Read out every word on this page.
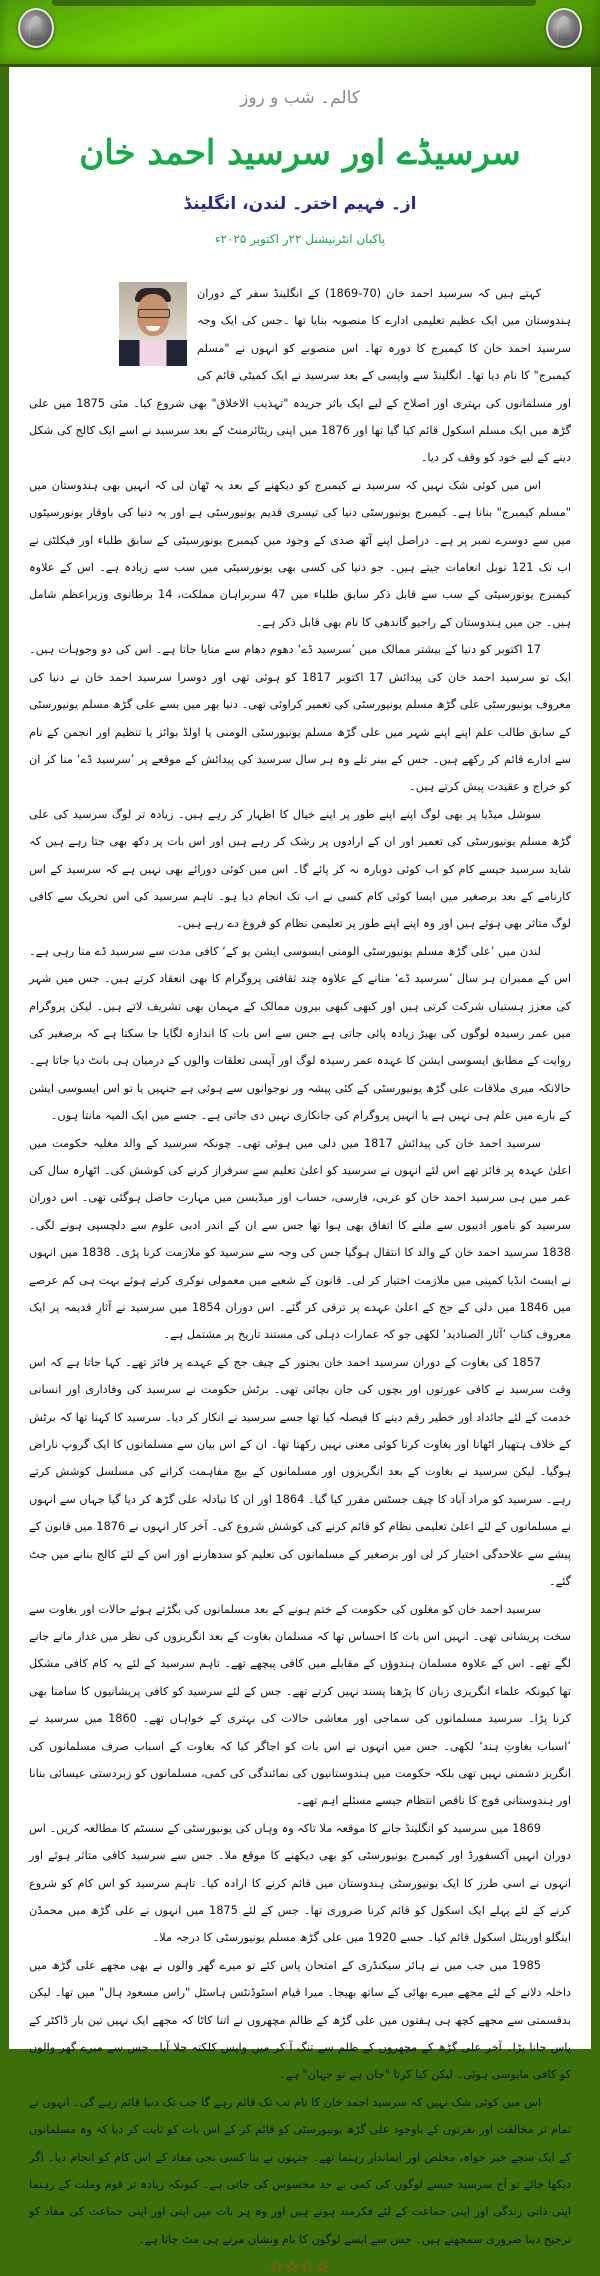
کالم۔ شب و روز
سرسیڈے اور سرسید احمد خان
از۔ فہیم اختر۔ لندن، انگلینڈ
پاکبان انٹرنیشنل ۲۲ر اکتوبر ۲۰۲۵ء

کہتے ہیں کہ سرسید احمد خان (70-1869) کے انگلینڈ سفر کے دوران ہندوستان میں ایک عظیم تعلیمی ادارے کا منصوبہ بنایا تھا ۔جس کی ایک وجہ سرسید احمد خان کا کیمبرج کا دورہ تھا۔ اس منصوبے کو انہوں نے "مسلم کیمبرج" کا نام دیا تھا۔ انگلینڈ سے واپسی کے بعد سرسید نے ایک کمیٹی قائم کی اور مسلمانوں کی بہتری اور اصلاح کے لیے ایک باثر جریدہ "تہذیب الاخلاق" بھی شروع کیا۔ مئی 1875 میں علی گڑھ میں ایک مسلم اسکول قائم کیا گیا تھا اور 1876 میں اپنی ریٹائرمنٹ کے بعد سرسید نے اسے ایک کالج کی شکل دینے کے لیے خود کو وقف کر دیا۔

اس میں کوئی شک نہیں کہ سرسید نے کیمبرج کو دیکھنے کے بعد یہ ٹھان لی کہ انہیں بھی ہندوستان میں "مسلم کیمبرج" بنانا ہے۔ کیمبرج یونیورسٹی دنیا کی تیسری قدیم یونیورسٹی ہے اور یہ دنیا کی باوقار یونورسیٹوں میں سے دوسرے نمبر پر ہے۔ دراصل اپنے آٹھ صدی کے وجود میں کیمبرج یونورسیٹی کے سابق طلباء اور فیکلٹی نے اب تک 121 نوبل انعامات جیتے ہیں۔ جو دنیا کی کسی بھی یونورسیٹی میں سب سے زیادہ ہے۔ اس کے علاوہ کیمبرج یونورسیٹی کے سب سے قابل ذکر سابق طلباء میں 47 سربراہان مملکت، 14 برطانوی وزیراعظم شامل ہیں۔ جن میں ہندوستان کے راجیو گاندھی کا نام بھی قابل ذکر ہے۔

17 اکتوبر کو دنیا کے بیشتر ممالک میں ’سرسید ڈے‘ دھوم دھام سے منایا جاتا ہے۔ اس کی دو وجوہات ہیں۔ ایک تو سرسید احمد خان کی پیدائش 17 اکتوبر 1817 کو ہوئی تھی اور دوسرا سرسید احمد خان نے دنیا کی معروف یونیورسٹی علی گڑھ مسلم یونیورسٹی کی تعمیر کراوئی تھی۔ دنیا بھر میں بسے علی گڑھ مسلم یونیورسٹی کے سابق طالب علم اپنے اپنے شہر میں علی گڑھ مسلم یونیورسٹی الومنی یا اولڈ بوائز یا تنظیم اور انجمن کے نام سے ادارے قائم کر رکھے ہیں۔ جس کے بینر تلے وہ ہر سال سرسید کی پیدائش کے موقعے پر ’سرسید ڈے‘ منا کر ان کو خراج و عقیدت پیش کرتے ہیں۔

سوشل میڈیا پر بھی لوگ اپنے اپنے طور پر اپنے خیال کا اظہار کر رہے ہیں۔ زیادہ تر لوگ سرسید کی علی گڑھ مسلم یونیورسٹی کی تعمیر اور ان کے ارادوں پر رشک کر رہے ہیں اور اس بات پر دکھ بھی جتا رہے ہیں کہ شاید سرسید جیسے کام کو اب کوئی دوبارہ نہ کر پائے گا۔ اس میں کوئی دورائے بھی نہیں ہے کہ سرسید کے اس کارنامے کے بعد برصغیر میں ایسا کوئی کام کسی نے اب تک انجام دیا ہو۔ تاہم سرسید کی اس تحریک سے کافی لوگ متاثر بھی ہوئے ہیں اور وہ اپنے اپنے طور پر تعلیمی نظام کو فروغ دے رہے ہیں۔

لندن میں ’علی گڑھ مسلم یونیورسٹی الومنی ایسوسی ایشن یو کے‘ کافی مدت سے سرسید ڈے منا رہی ہے۔ اس کے ممبران ہر سال ’سرسید ڈے‘ منانے کے علاوہ چند ثقافتی پروگرام کا بھی انعقاد کرتے ہیں۔ جس میں شہر کی معزز ہستیاں شرکت کرتی ہیں اور کبھی کبھی بیرون ممالک کے مہمان بھی تشریف لاتے ہیں۔ لیکن پروگرام میں عمر رسیدہ لوگوں کی بھیڑ زیادہ پائی جاتی ہے جس سے اس بات کا اندازہ لگایا جا سکتا ہے کہ برصغیر کی روایت کے مطابق ایسوسی ایشن کا عہدہ عمر رسیدہ لوگ اور آپسی تعلقات والوں کے درمیان ہی بانٹ دیا جاتا ہے۔ حالانکہ میری ملاقات علی گڑھ یونیورسٹی کے کئی پیشہ ور نوجوانوں سے ہوئی ہے جنہیں یا تو اس ایسوسی ایشن کے بارے میں علم ہی نہیں ہے یا انہیں پروگرام کی جانکاری نہیں دی جاتی ہے۔ جسے میں ایک المیہ مانتا ہوں۔

سرسید احمد خان کی پیدائش 1817 میں دلی میں ہوئی تھی۔ چونکہ سرسید کے والد مغلیہ حکومت میں اعلیٰ عہدہ پر فائز تھے اس لئے انہوں نے سرسید کو اعلیٰ تعلیم سے سرفراز کرنے کی کوشش کی۔ اٹھارہ سال کی عمر میں ہی سرسید احمد خان کو عربی، فارسی، حساب اور میڈیسن میں مہارت حاصل ہوگئی تھی۔ اس دوران سرسید کو نامور ادیبوں سے ملنے کا اتفاق بھی ہوا تھا جس سے ان کے اندر ادبی علوم سے دلچسپی ہونے لگی۔ 1838 سرسید احمد خان کے والد کا انتقال ہوگیا جس کی وجہ سے سرسید کو ملازمت کرنا پڑی۔ 1838 میں انہوں نے ایسٹ انڈیا کمپنی میں ملازمت اختیار کر لی۔ قانون کے شعبے میں معمولی نوکری کرتے ہوئے بہت ہی کم عرصے میں 1846 میں دلی کے جج کے اعلیٰ عہدے پر ترقی کر گئے۔ اس دوران 1854 میں سرسید نے آثارِ قدیمہ پر ایک معروف کتاب ’آثار الصنادید‘ لکھی جو کہ عمارات دہلی کی مستند تاریخ پر مشتمل ہے۔

1857 کی بغاوت کے دوران سرسید احمد خان بجنور کے چیف جج کے عہدے پر فائز تھے۔ کہا جاتا ہے کہ اس وقت سرسید نے کافی عورتوں اور بچوں کی جان بچائی تھی۔ برٹش حکومت نے سرسید کی وفاداری اور انسانی خدمت کے لئے جائداد اور خطیر رقم دینے کا فیصلہ کیا تھا جسے سرسید نے انکار کر دیا۔ سرسید کا کہنا تھا کہ برٹش کے خلاف ہتھیار اٹھانا اور بغاوت کرنا کوئی معنی نہیں رکھتا تھا۔ ان کے اس بیان سے مسلمانوں کا ایک گروپ ناراض ہوگیا۔ لیکن سرسید نے بغاوت کے بعد انگریزوں اور مسلمانوں کے بیچ مفاہمت کرانے کی مسلسل کوشش کرتے رہے۔ سرسید کو مراد آباد کا چیف جسٹس مقرر کیا گیا۔ 1864 اور ان کا تبادلہ علی گڑھ کر دیا گیا جہاں سے انہوں نے مسلمانوں کے لئے اعلیٰ تعلیمی نظام کو قائم کرنے کی کوشش شروع کی۔ آخر کار انہوں نے 1876 میں قانون کے پیشے سے علاحدگی اختیار کر لی اور برصغیر کے مسلمانوں کی تعلیم کو سدھارنے اور اس کے لئے کالج بنانے میں جٹ گئے۔

سرسید احمد خان کو مغلوں کی حکومت کے ختم ہونے کے بعد مسلمانوں کی بگڑتے ہوئے حالات اور بغاوت سے سخت پریشانی تھی۔ انہیں اس بات کا احساس تھا کہ مسلمان بغاوت کے بعد انگریزوں کی نظر میں غدار مانے جانے لگے تھے۔ اس کے علاوہ مسلمان ہندوؤں کے مقابلے میں کافی پیچھے تھے۔ تاہم سرسید کے لئے یہ کام کافی مشکل تھا کیونکہ علماء انگریزی زبان کا پڑھنا پسند نہیں کرتے تھے۔ جس کے لئے سرسید کو کافی پریشانیوں کا سامنا بھی کرنا پڑا۔ سرسید مسلمانوں کی سماجی اور معاشی حالات کی بہتری کے خواہاں تھے۔ 1860 میں سرسید نے ’اسباب بغاوتِ ہند‘ لکھی۔ جس میں انہوں نے اس بات کو اجاگر کیا کہ بغاوت کے اسباب صرف مسلمانوں کی انگریز دشمنی نہیں تھی بلکہ حکومت میں ہندوستانیوں کی نمائندگی کی کمی، مسلمانوں کو زبردستی عیسائی بنانا اور ہندوستانی فوج کا ناقص انتظام جیسے مسئلے اہم تھے۔

1869 میں سرسید کو انگلینڈ جانے کا موقعہ ملا تاکہ وہ وہاں کی یونیورسٹی کے سسٹم کا مطالعہ کریں۔ اس دوران انہیں آکسفورڈ اور کیمبرج یونیورسٹی کو بھی دیکھنے کا موقع ملا۔ جس سے سرسید کافی متاثر ہوئے اور انہوں نے اسی طرز کا ایک یونیورسٹی ہندوستان میں قائم کرنے کا ارادہ کیا۔ تاہم سرسید کو اس کام کو شروع کرنے کے لئے پہلے ایک اسکول کو قائم کرنا ضروری تھا۔ جس کے لئے 1875 میں انہوں نے علی گڑھ میں محمڈن اینگلو اورینٹل اسکول قائم کیا۔ جسے 1920 میں علی گڑھ مسلم یونیورسٹی کا درجہ ملا۔

1985 میں جب میں نے ہائر سیکنڈری کے امتحان پاس کئے تو میرے گھر والوں نے بھی مجھے علی گڑھ میں داخلہ دلانے کے لئے مجھے میرے بھائی کے ساتھ بھیجا۔ میرا قیام اسٹوڈنٹس ہاسٹل "راس مسعود ہال" میں تھا۔ لیکن بدقسمتی سے مجھے کچھ ہی ہفتوں میں علی گڑھ کے ظالم مچھروں نے اتنا کاٹا کہ مجھے ایک نہیں تین بار ڈاکٹر کے پاس جانا پڑا۔ آخر علی گڑھ کے مچھروں کے ظلم سے تنگ آ کر میں واپس کلکتہ چلا آیا۔ جس سے میرے گھر والوں کو کافی مایوسی ہوئی۔ لیکن کیا کرتا "جان ہے تو جہان" ہے۔

اس میں کوئی شک نہیں کہ سرسید احمد خان کا نام تب تک قائم رہے گا جب تک دنیا قائم رہے گی۔ انہوں نے تمام تر مخالفت اور نفرتوں کے باوجود علی گڑھ یونیورسٹی کو قائم کر کے اس بات کو ثابت کر دیا کہ وہ مسلمانوں کے ایک سچے خیر خواہ، مخلص اور ایماندار رہنما تھے۔ جنہوں نے بنا کسی نجی مفاد کے اس کام کو انجام دیا۔ اگر دیکھا جائے تو آج سرسید جیسے لوگوں کی کمی بے حد محسوس کی جاتی ہے۔ کیونکہ زیادہ تر قوم وملت کے رہنما اپنی ذاتی زندگی اور اپنی جماعت کے لئے فکرمند ہوتے ہیں اور وہ ہر بات میں اپنی اور اپنی جماعت کی مفاد کو ترجیح دینا ضروری سمجھتے ہیں۔ جس سے ایسے لوگوں کا نام ونشان مرتے ہی مٹ جاتا ہے۔

☆☆☆☆
